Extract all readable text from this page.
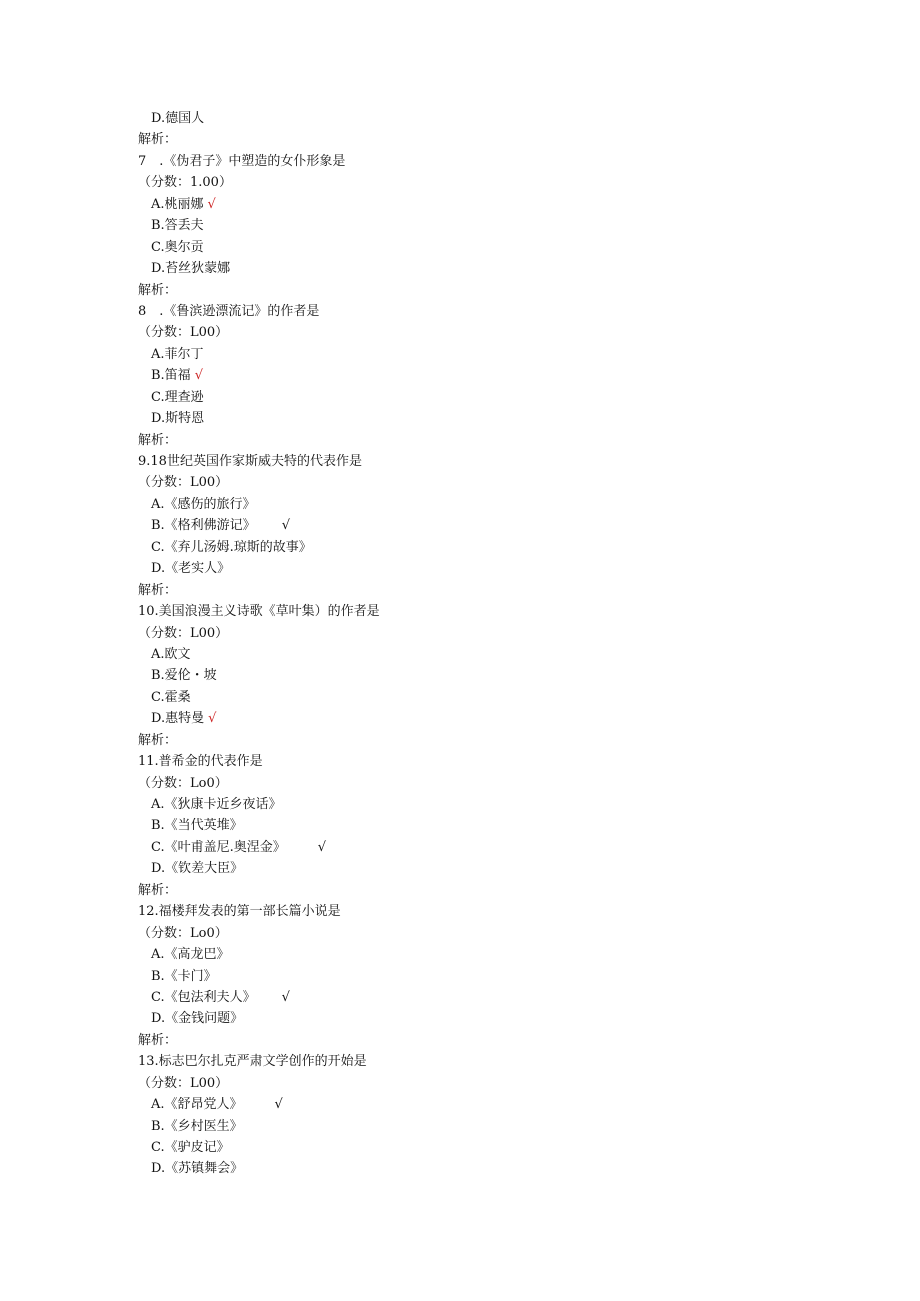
D.德国人
解析：
7　.《伪君子》中塑造的女仆形象是
（分数：1.00）
A.桃丽娜 √
B.答丢夫
C.奥尔贡
D.苔丝狄蒙娜
解析：
8　.《鲁滨逊漂流记》的作者是
（分数：L00）
A.菲尔丁
B.笛福 √
C.理查逊
D.斯特恩
解析：
9.18世纪英国作家斯威夫特的代表作是
（分数：L00）
A.《感伤的旅行》
B.《格利佛游记》 √
C.《弃儿汤姆.琼斯的故事》
D.《老实人》
解析：
10.美国浪漫主义诗歌《草叶集）的作者是
（分数：L00）
A.欧文
B.爱伦・坡
C.霍桑
D.惠特曼 √
解析：
11.普希金的代表作是
（分数：Lo0）
A.《狄康卡近乡夜话》
B.《当代英堆》
C.《叶甫盖尼.奥涅金》 √
D.《钦差大臣》
解析：
12.福楼拜发表的第一部长篇小说是
（分数：Lo0）
A.《高龙巴》
B.《卡门》
C.《包法利夫人》 √
D.《金钱问题》
解析：
13.标志巴尔扎克严肃文学创作的开始是
（分数：L00）
A.《舒昂党人》 √
B.《乡村医生》
C.《驴皮记》
D.《苏镇舞会》
